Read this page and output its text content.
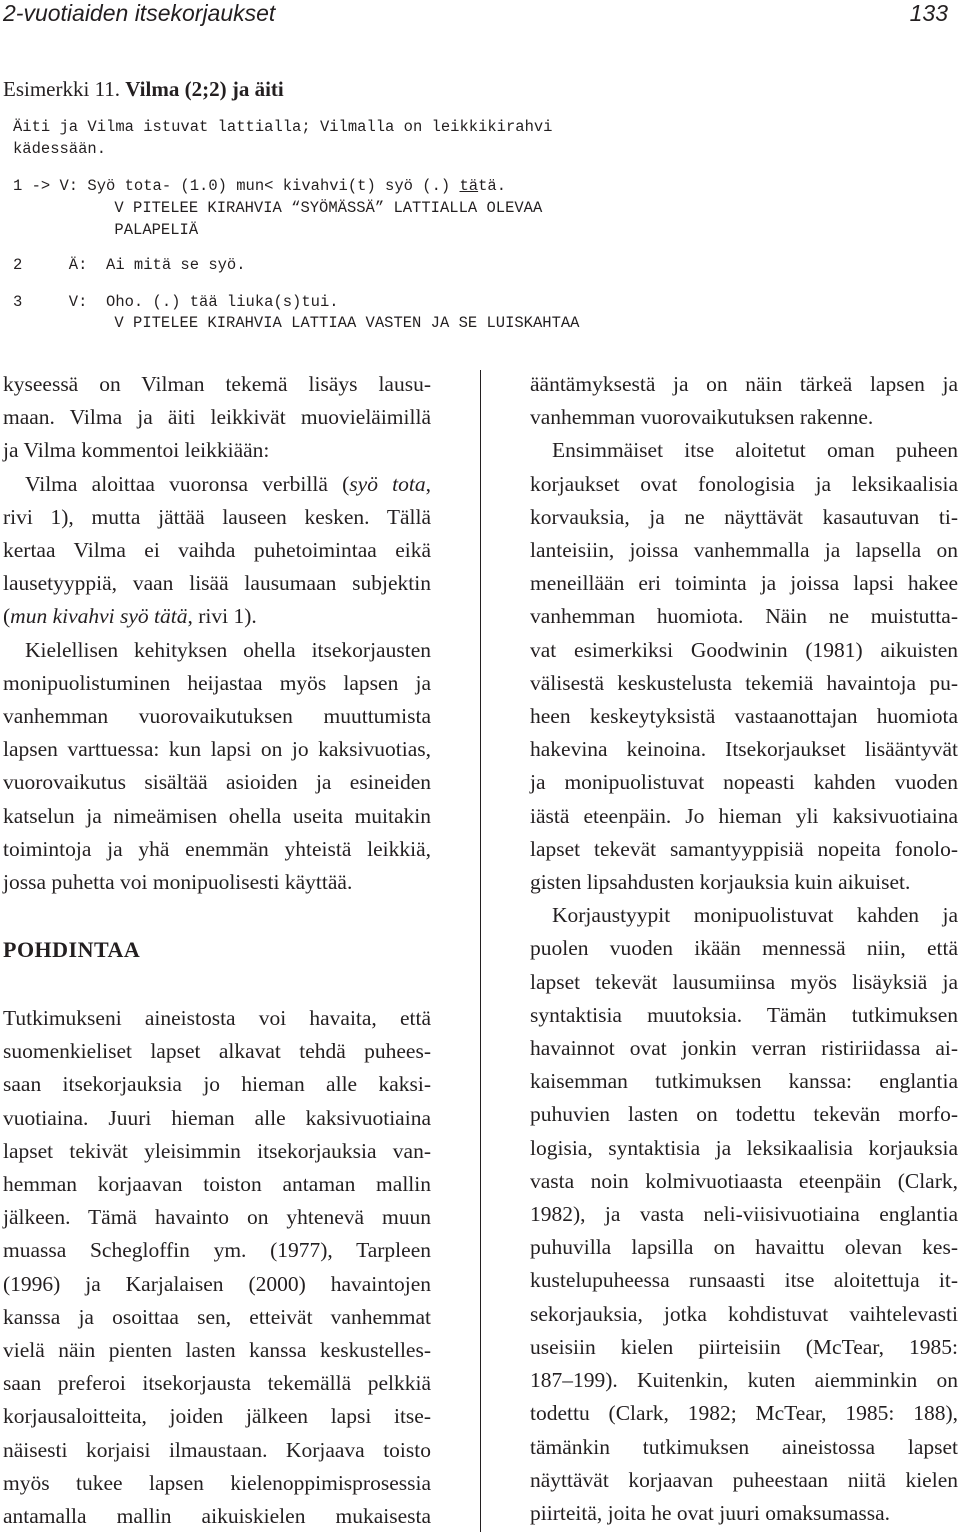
2-vuotiaiden itsekorjaukset	133
Esimerkki 11. Vilma (2;2) ja äiti
Äiti ja Vilma istuvat lattialla; Vilmalla on leikkikirahvi
kädessään.
1 -> V: Syö tota- (1.0) mun< kivahvi(t) syö (.) tätä.
V PITELEE KIRAHVIA “SYÖMÄSSÄ” LATTIALLA OLEVAA
PALAPELIÄ
2     Ä:  Ai mitä se syö.
3     V:  Oho. (.) tää liuka(s)tui.
V PITELEE KIRAHVIA LATTIAA VASTEN JA SE LUISKAHTAA

kyseessä on Vilman tekemä lisäys lausu-
maan. Vilma ja äiti leikkivät muovieläimillä
ja Vilma kommentoi leikkiään:

Vilma aloittaa vuoronsa verbillä (syö tota,
rivi 1), mutta jättää lauseen kesken. Tällä
kertaa Vilma ei vaihda puhetoimintaa eikä
lausetyyppiä, vaan lisää lausumaan subjektin
(mun kivahvi syö tätä, rivi 1).

Kielellisen kehityksen ohella itsekorjausten
monipuolistuminen heijastaa myös lapsen ja
vanhemman vuorovaikutuksen muuttumista
lapsen varttuessa: kun lapsi on jo kaksivuotias,
vuorovaikutus sisältää asioiden ja esineiden
katselun ja nimeämisen ohella useita muitakin
toimintoja ja yhä enemmän yhteistä leikkiä,
jossa puhetta voi monipuolisesti käyttää.

POHDINTAA

Tutkimukseni aineistosta voi havaita, että
suomenkieliset lapset alkavat tehdä puhees-
saan itsekorjauksia jo hieman alle kaksi-
vuotiaina. Juuri hieman alle kaksivuotiaina
lapset tekivät yleisimmin itsekorjauksia van-
hemman korjaavan toiston antaman mallin
jälkeen. Tämä havainto on yhtenevä muun
muassa Schegloffin ym. (1977), Tarpleen
(1996) ja Karjalaisen (2000) havaintojen
kanssa ja osoittaa sen, etteivät vanhemmat
vielä näin pienten lasten kanssa keskustelles-
saan preferoi itsekorjausta tekemällä pelkkiä
korjausaloitteita, joiden jälkeen lapsi itse-
näisesti korjaisi ilmaustaan. Korjaava toisto
myös tukee lapsen kielenoppimisprosessia
antamalla mallin aikuiskielen mukaisesta

ääntämyksestä ja on näin tärkeä lapsen ja
vanhemman vuorovaikutuksen rakenne.

Ensimmäiset itse aloitetut oman puheen
korjaukset ovat fonologisia ja leksikaalisia
korvauksia, ja ne näyttävät kasautuvan ti-
lanteisiin, joissa vanhemmalla ja lapsella on
meneillään eri toiminta ja joissa lapsi hakee
vanhemman huomiota. Näin ne muistutta-
vat esimerkiksi Goodwinin (1981) aikuisten
välisestä keskustelusta tekemiä havaintoja pu-
heen keskeytyksistä vastaanottajan huomiota
hakevina keinoina. Itsekorjaukset lisääntyvät
ja monipuolistuvat nopeasti kahden vuoden
iästä eteenpäin. Jo hieman yli kaksivuotiaina
lapset tekevät samantyyppisiä nopeita fonolo-
gisten lipsahdusten korjauksia kuin aikuiset.

Korjaustyypit monipuolistuvat kahden ja
puolen vuoden ikään mennessä niin, että
lapset tekevät lausumiinsa myös lisäyksiä ja
syntaktisia muutoksia. Tämän tutkimuksen
havainnot ovat jonkin verran ristiriidassa ai-
kaisemman tutkimuksen kanssa: englantia
puhuvien lasten on todettu tekevän morfo-
logisia, syntaktisia ja leksikaalisia korjauksia
vasta noin kolmivuotiaasta eteenpäin (Clark,
1982), ja vasta neli-viisivuotiaina englantia
puhuvilla lapsilla on havaittu olevan kes-
kustelupuheessa runsaasti itse aloitettuja it-
sekorjauksia, jotka kohdistuvat vaihtelevasti
useisiin kielen piirteisiin (McTear, 1985:
187–199). Kuitenkin, kuten aiemminkin on
todettu (Clark, 1982; McTear, 1985: 188),
tämänkin tutkimuksen aineistossa lapset
näyttävät korjaavan puheestaan niitä kielen
piirteitä, joita he ovat juuri omaksumassa.
